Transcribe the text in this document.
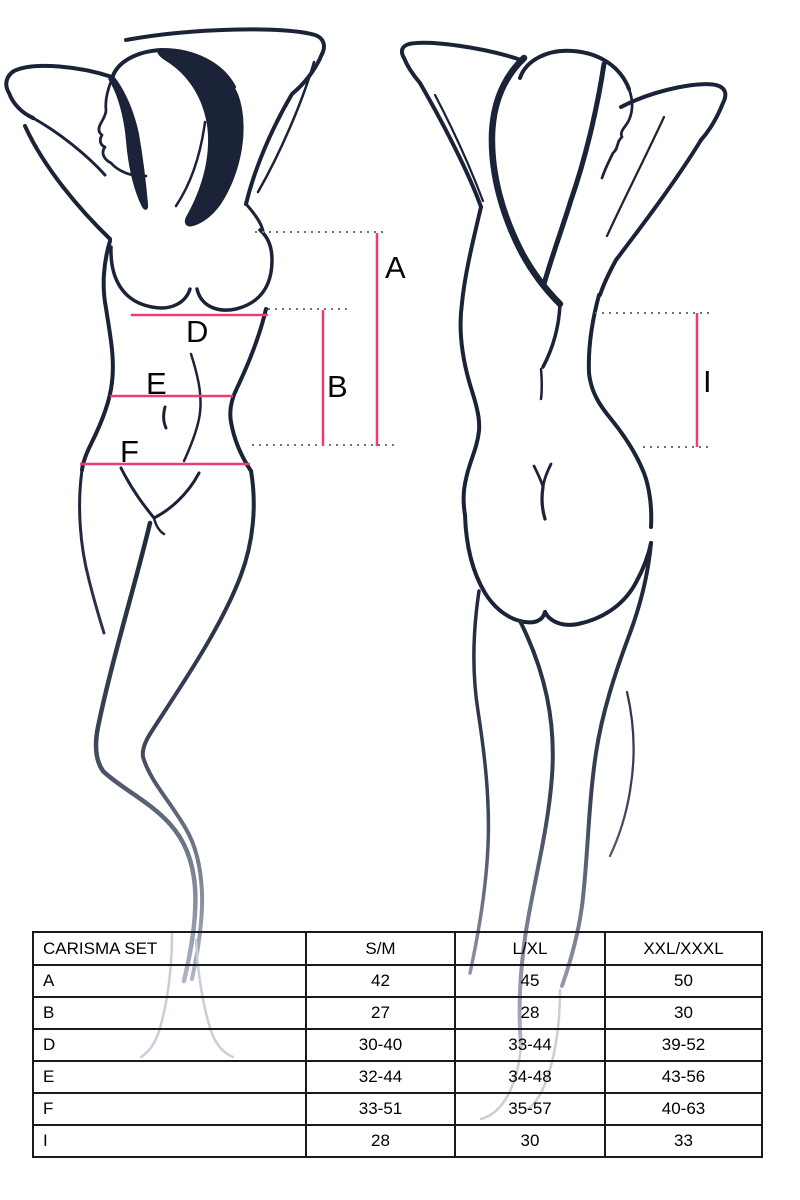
A
D
E	B
F
I
CARISMA SET	S/M	L/XL	XXL/XXXL
A	42	45	50
B	27	28	30
D	30-40	33-44	39-52
E	32-44	34-48	43-56
F	33-51	35-57	40-63
I	28	30	33
